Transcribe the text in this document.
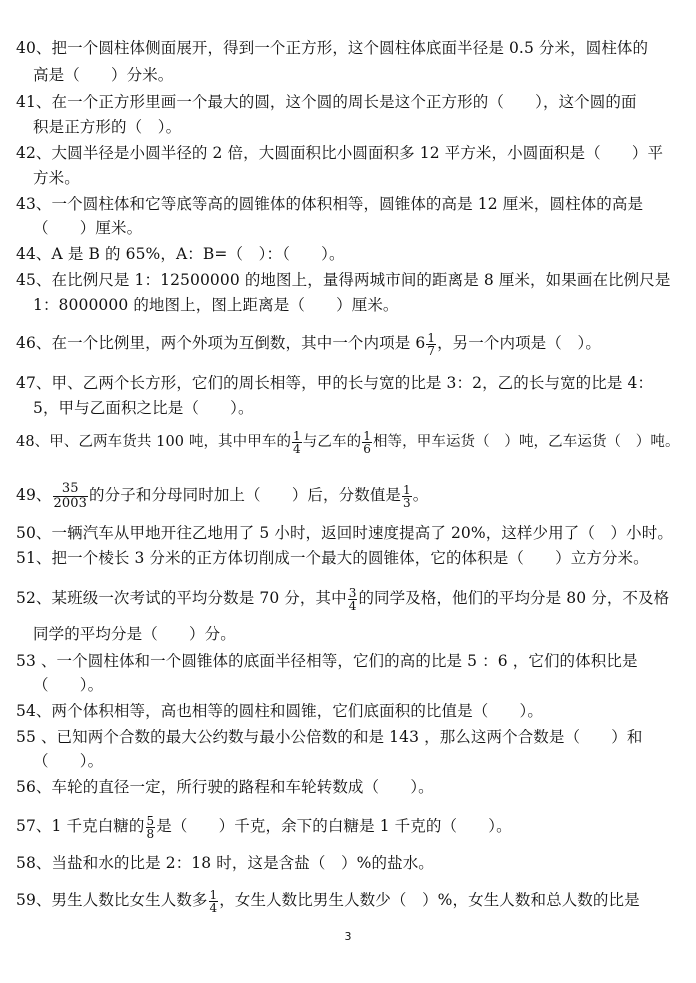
40、把一个圆柱体侧面展开，得到一个正方形，这个圆柱体底面半径是 0.5 分米，圆柱体的
高是（　　）分米。
41、在一个正方形里画一个最大的圆，这个圆的周长是这个正方形的（　　），这个圆的面
积是正方形的（　）。
42、大圆半径是小圆半径的 2 倍，大圆面积比小圆面积多 12 平方米，小圆面积是（　　）平
方米。
43、一个圆柱体和它等底等高的圆锥体的体积相等，圆锥体的高是 12 厘米，圆柱体的高是
（　　）厘米。
44、A 是 B 的 65%，A：B=（　）：（　　）。
45、在比例尺是 1：12500000 的地图上，量得两城市间的距离是 8 厘米，如果画在比例尺是
1：8000000 的地图上，图上距离是（　　）厘米。
46、在一个比例里，两个外项为互倒数，其中一个内项是 $6 \frac{1}{7}$ ，另一个内项是（　）。
47、甲、乙两个长方形，它们的周长相等，甲的长与宽的比是 3：2，乙的长与宽的比是 4：
5，甲与乙面积之比是（　　）。
48、甲、乙两车货共 100 吨，其中甲车的 $\frac{1}{4}$ 与乙车的 $\frac{1}{6}$ 相等，甲车运货（　）吨，乙车运货（　）吨。
49、 $\frac{35}{2003}$ 的分子和分母同时加上（　　）后，分数值是 $\frac{1}{3}$ 。
50、一辆汽车从甲地开往乙地用了 5 小时，返回时速度提高了 20%，这样少用了（　）小时。
51、把一个棱长 3 分米的正方体切削成一个最大的圆锥体，它的体积是（　　）立方分米。
52、某班级一次考试的平均分数是 70 分，其中 $\frac{3}{4}$ 的同学及格，他们的平均分是 80 分，不及格
同学的平均分是（　　）分。
53 、一个圆柱体和一个圆锥体的底面半径相等，它们的高的比是 5 ：6 ，它们的体积比是
（　　）。
54、两个体积相等，高也相等的圆柱和圆锥，它们底面积的比值是（　　）。
55 、已知两个合数的最大公约数与最小公倍数的和是 143 ，那么这两个合数是（　　）和
（　　）。
56、车轮的直径一定，所行驶的路程和车轮转数成（　　）。
57、1 千克白糖的 $\frac{5}{8}$ 是（　　）千克，余下的白糖是 1 千克的（　　）。
58、当盐和水的比是 2：18 时，这是含盐（　）%的盐水。
59、男生人数比女生人数多 $\frac{1}{4}$ ，女生人数比男生人数少（　）%，女生人数和总人数的比是
3
